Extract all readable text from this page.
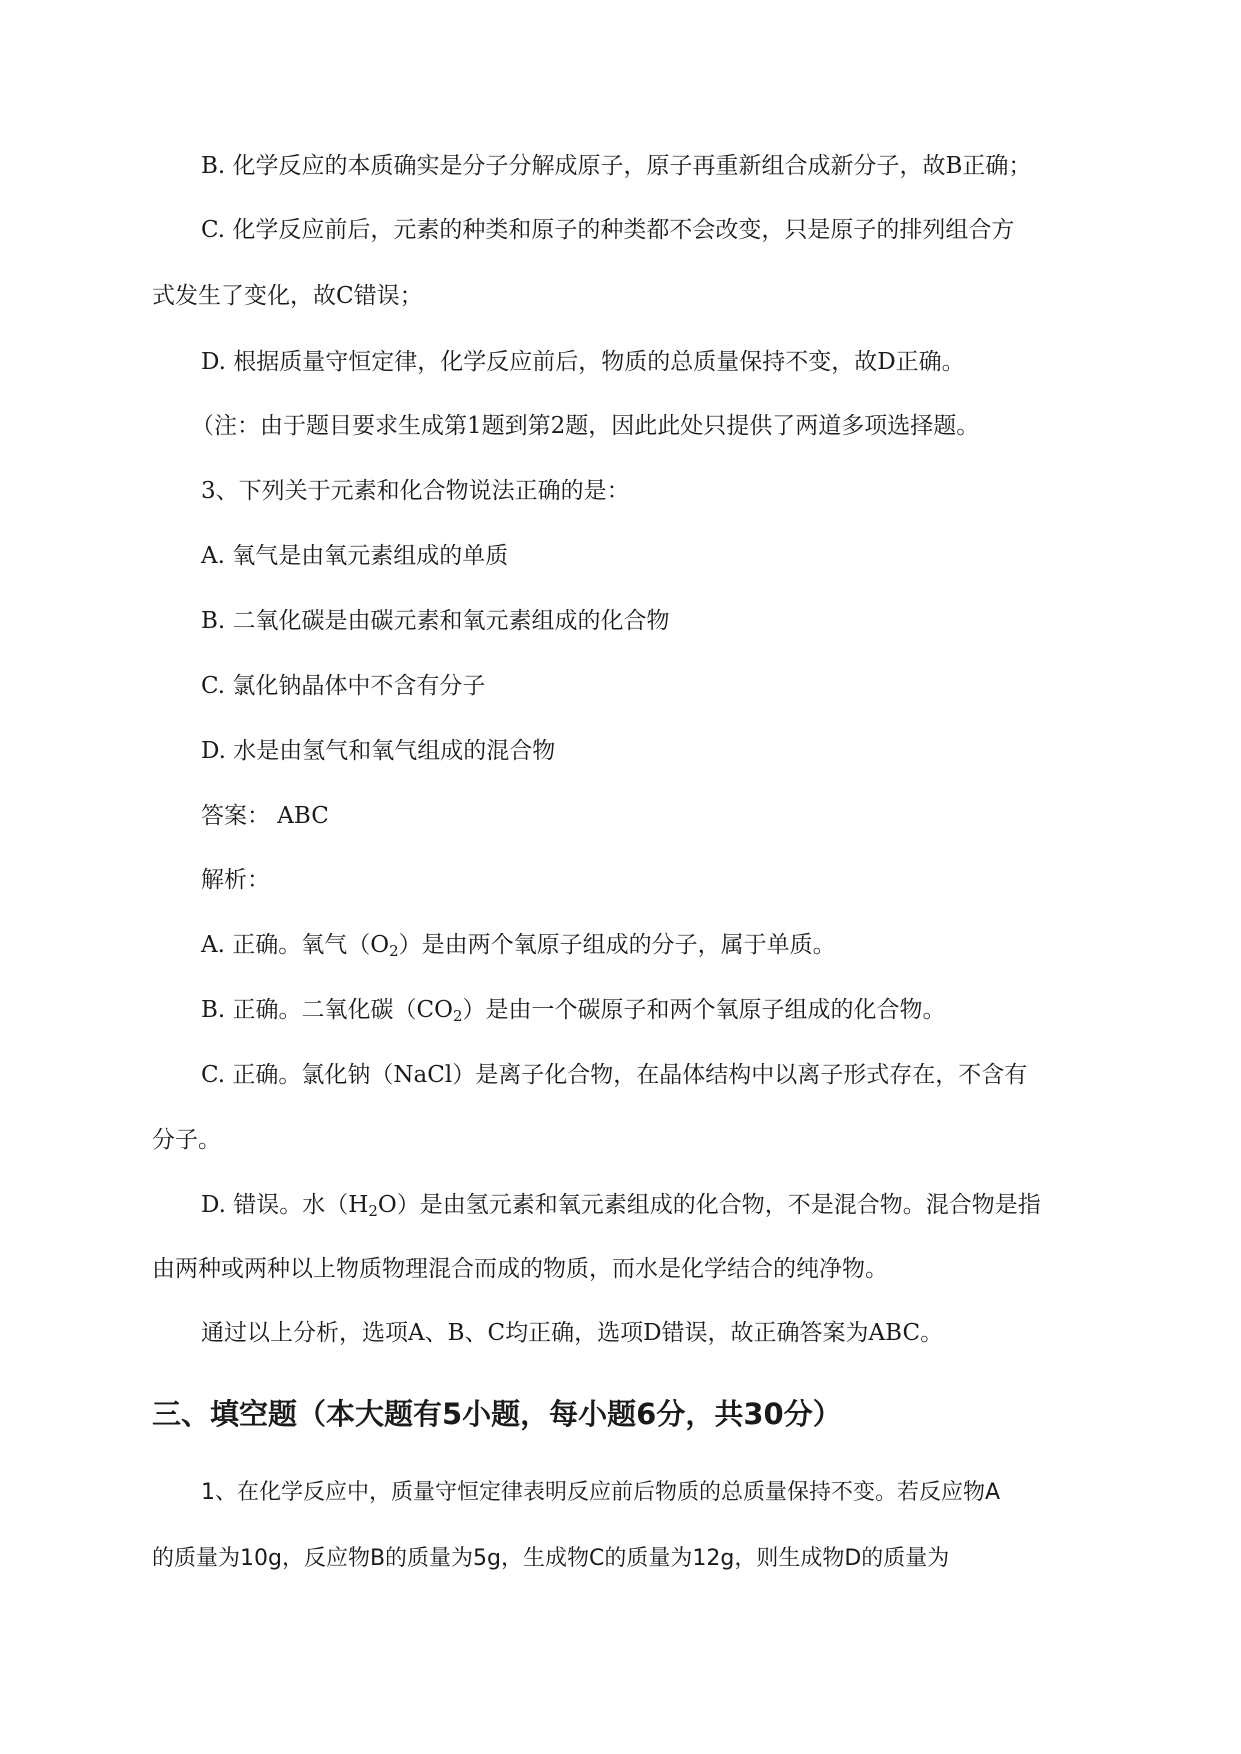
B. 化学反应的本质确实是分子分解成原子，原子再重新组合成新分子，故B正确；
C. 化学反应前后，元素的种类和原子的种类都不会改变，只是原子的排列组合方
式发生了变化，故C错误；
D. 根据质量守恒定律，化学反应前后，物质的总质量保持不变，故D正确。
（注：由于题目要求生成第1题到第2题，因此此处只提供了两道多项选择题。
3、下列关于元素和化合物说法正确的是：
A. 氧气是由氧元素组成的单质
B. 二氧化碳是由碳元素和氧元素组成的化合物
C. 氯化钠晶体中不含有分子
D. 水是由氢气和氧气组成的混合物
答案： ABC
解析：
A. 正确。氧气$(O_2)$是由两个氧原子组成的分子，属于单质。
B. 正确。二氧化碳$(CO_2)$是由一个碳原子和两个氧原子组成的化合物。
C. 正确。氯化钠（NaCl）是离子化合物，在晶体结构中以离子形式存在，不含有
分子。
D. 错误。水$(H_2O)$是由氢元素和氧元素组成的化合物，不是混合物。混合物是指
由两种或两种以上物质物理混合而成的物质，而水是化学结合的纯净物。
通过以上分析，选项A、B、C均正确，选项D错误，故正确答案为ABC。
三、填空题（本大题有5小题，每小题6分，共30分）
1、在化学反应中，质量守恒定律表明反应前后物质的总质量保持不变。若反应物A
的质量为10g，反应物B的质量为5g，生成物C的质量为12g，则生成物D的质量为
